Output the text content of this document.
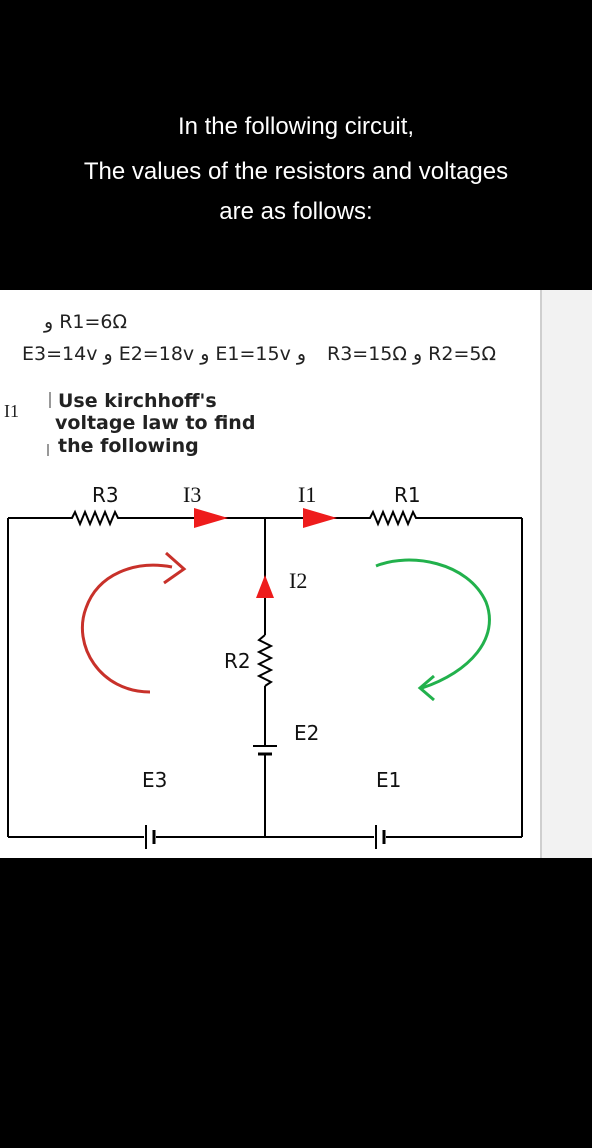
In the following circuit,
The values of the resistors and voltages
are as follows:
و R1=6Ω
E3=14v و E2=18v و E1=15v و R3=15Ω و R2=5Ω
I1 Use kirchhoff's
voltage law to find
the following
R3	I3	I1	R1
I2
R2
E2
E3	E1
